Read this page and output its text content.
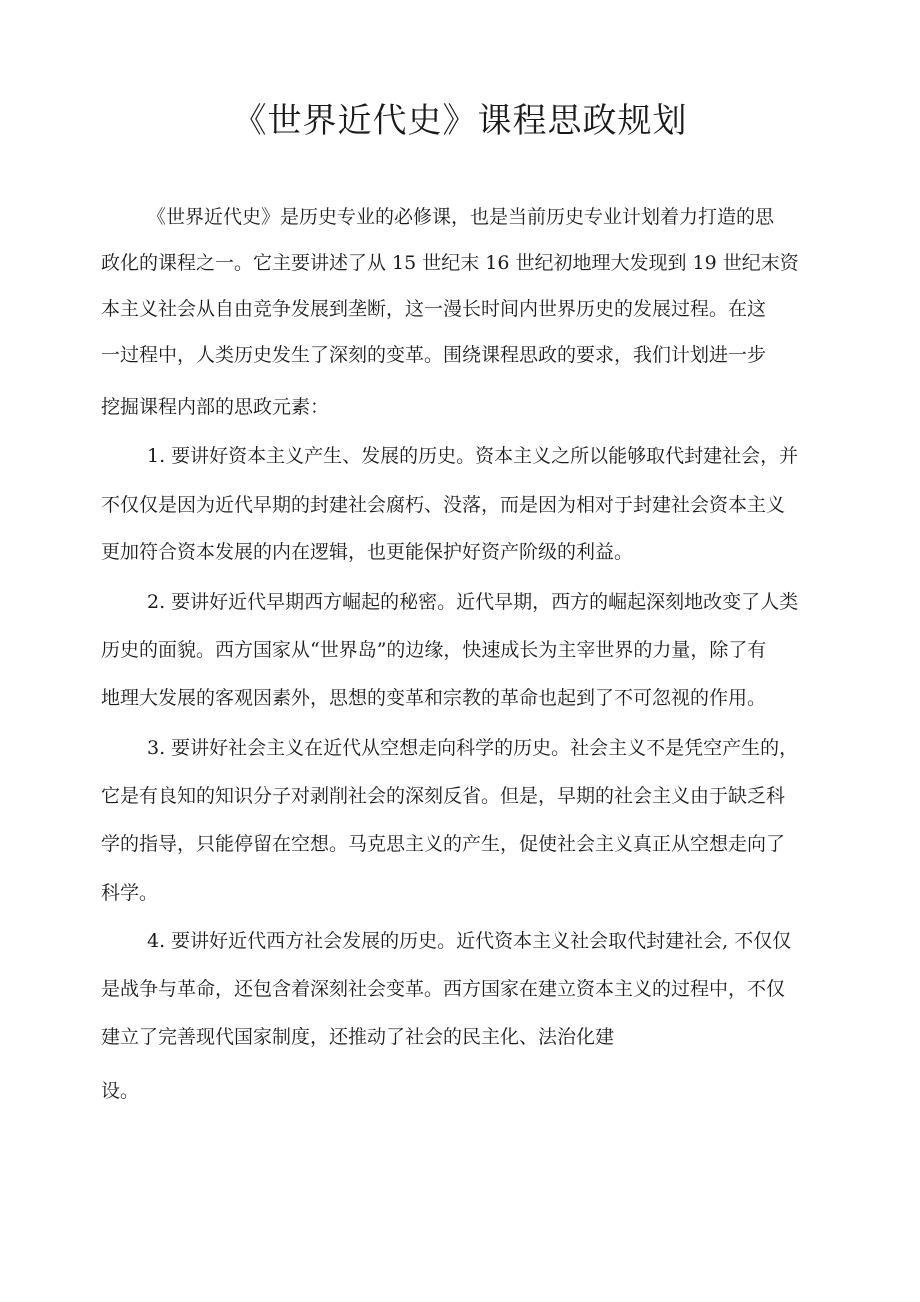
《世界近代史》课程思政规划

《世界近代史》是历史专业的必修课，也是当前历史专业计划着力打造的思

政化的课程之一。它主要讲述了从 15 世纪末 16 世纪初地理大发现到 19 世纪末资

本主义社会从自由竞争发展到垄断，这一漫长时间内世界历史的发展过程。在这

一过程中，人类历史发生了深刻的变革。围绕课程思政的要求，我们计划进一步

挖掘课程内部的思政元素：

1. 要讲好资本主义产生、发展的历史。资本主义之所以能够取代封建社会，并

不仅仅是因为近代早期的封建社会腐朽、没落，而是因为相对于封建社会资本主义

更加符合资本发展的内在逻辑，也更能保护好资产阶级的利益。

2. 要讲好近代早期西方崛起的秘密。近代早期，西方的崛起深刻地改变了人类

历史的面貌。西方国家从“世界岛”的边缘，快速成长为主宰世界的力量，除了有

地理大发展的客观因素外，思想的变革和宗教的革命也起到了不可忽视的作用。

3. 要讲好社会主义在近代从空想走向科学的历史。社会主义不是凭空产生的，

它是有良知的知识分子对剥削社会的深刻反省。但是，早期的社会主义由于缺乏科

学的指导，只能停留在空想。马克思主义的产生，促使社会主义真正从空想走向了

科学。

4. 要讲好近代西方社会发展的历史。近代资本主义社会取代封建社会, 不仅仅

是战争与革命，还包含着深刻社会变革。西方国家在建立资本主义的过程中，不仅

建立了完善现代国家制度，还推动了社会的民主化、法治化建

设。
